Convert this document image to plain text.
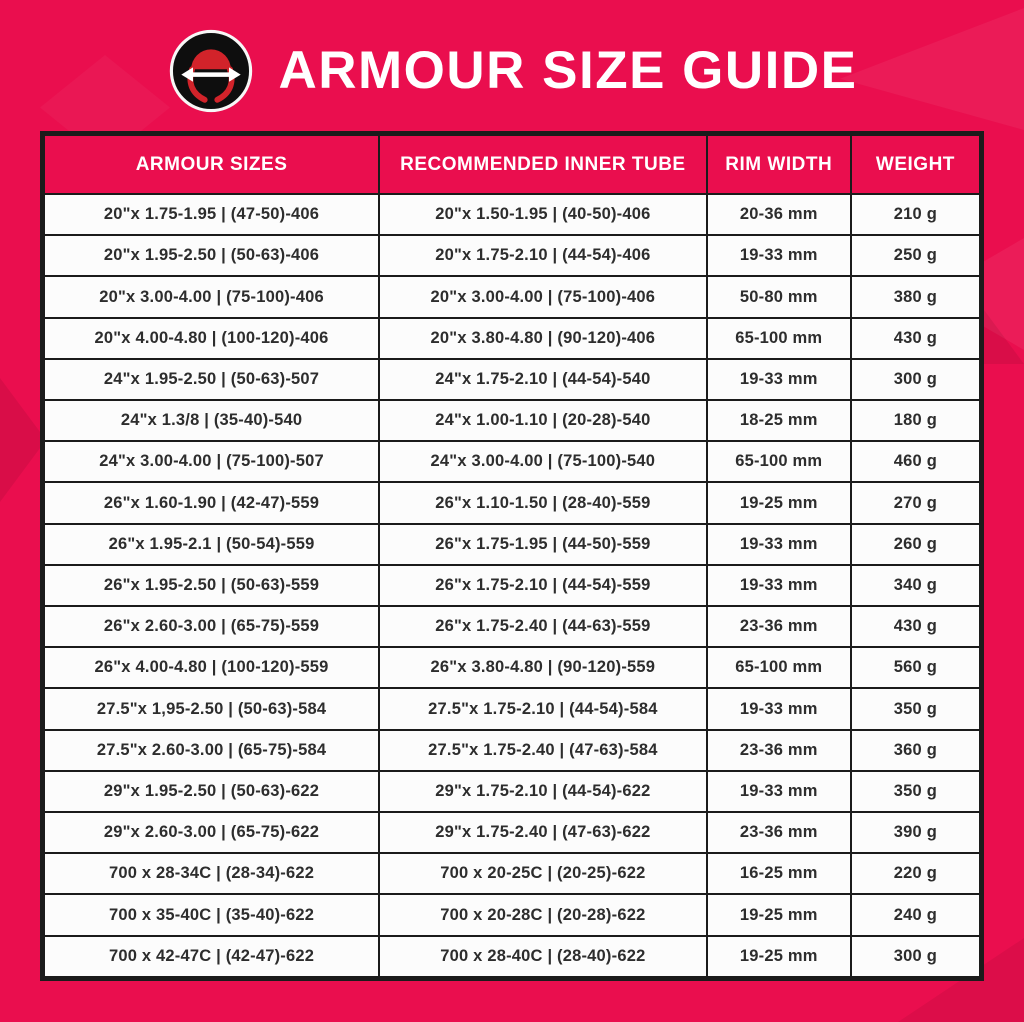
ARMOUR SIZE GUIDE
ARMOUR SIZES	RECOMMENDED INNER TUBE	RIM WIDTH	WEIGHT
20"x 1.75-1.95 | (47-50)-406	20"x 1.50-1.95 | (40-50)-406	20-36 mm	210 g
20"x 1.95-2.50 | (50-63)-406	20"x 1.75-2.10 | (44-54)-406	19-33 mm	250 g
20"x 3.00-4.00 | (75-100)-406	20"x 3.00-4.00 | (75-100)-406	50-80 mm	380 g
20"x 4.00-4.80 | (100-120)-406	20"x 3.80-4.80 | (90-120)-406	65-100 mm	430 g
24"x 1.95-2.50 | (50-63)-507	24"x 1.75-2.10 | (44-54)-540	19-33 mm	300 g
24"x 1.3/8 | (35-40)-540	24"x 1.00-1.10 | (20-28)-540	18-25 mm	180 g
24"x 3.00-4.00 | (75-100)-507	24"x 3.00-4.00 | (75-100)-540	65-100 mm	460 g
26"x 1.60-1.90 | (42-47)-559	26"x 1.10-1.50 | (28-40)-559	19-25 mm	270 g
26"x 1.95-2.1 | (50-54)-559	26"x 1.75-1.95 | (44-50)-559	19-33 mm	260 g
26"x 1.95-2.50 | (50-63)-559	26"x 1.75-2.10 | (44-54)-559	19-33 mm	340 g
26"x 2.60-3.00 | (65-75)-559	26"x 1.75-2.40 | (44-63)-559	23-36 mm	430 g
26"x 4.00-4.80 | (100-120)-559	26"x 3.80-4.80 | (90-120)-559	65-100 mm	560 g
27.5"x 1,95-2.50 | (50-63)-584	27.5"x 1.75-2.10 | (44-54)-584	19-33 mm	350 g
27.5"x 2.60-3.00 | (65-75)-584	27.5"x 1.75-2.40 | (47-63)-584	23-36 mm	360 g
29"x 1.95-2.50 | (50-63)-622	29"x 1.75-2.10 | (44-54)-622	19-33 mm	350 g
29"x 2.60-3.00 | (65-75)-622	29"x 1.75-2.40 | (47-63)-622	23-36 mm	390 g
700 x 28-34C | (28-34)-622	700 x 20-25C | (20-25)-622	16-25 mm	220 g
700 x 35-40C | (35-40)-622	700 x 20-28C | (20-28)-622	19-25 mm	240 g
700 x 42-47C | (42-47)-622	700 x 28-40C | (28-40)-622	19-25 mm	300 g
